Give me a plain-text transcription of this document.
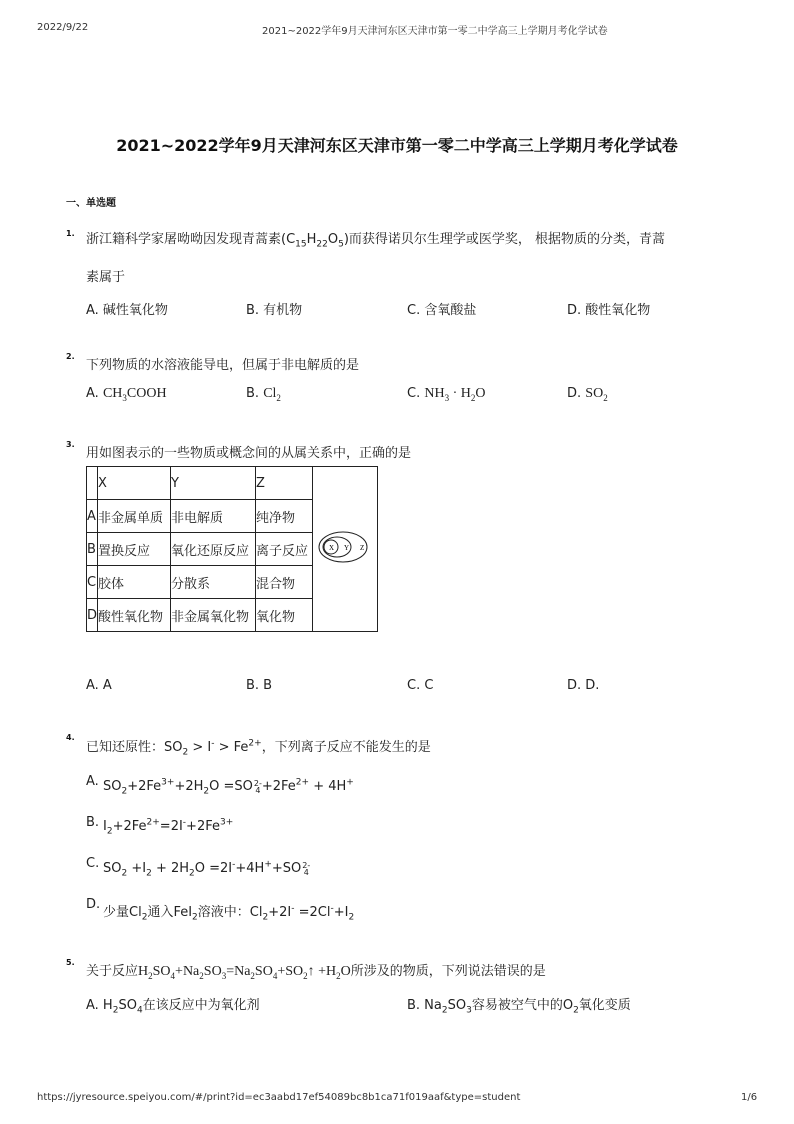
2022/9/22	2021~2022学年9月天津河东区天津市第一零二中学高三上学期月考化学试卷
2021~2022学年9月天津河东区天津市第一零二中学高三上学期月考化学试卷
一、单选题
1. 浙江籍科学家屠呦呦因发现青蒿素$(C_{15}H_{22}O_5)$而获得诺贝尔生理学或医学奖， 根据物质的分类，青蒿
素属于
A. 碱性氧化物	B. 有机物	C. 含氧酸盐	D. 酸性氧化物
2.
下列物质的水溶液能导电，但属于非电解质的是
A. $CH_3COOH$	B. $Cl_2$	C. $NH_3 \cdot H_2O$	D. $SO_2$
3.
用如图表示的一些物质或概念间的从属关系中，正确的是
	X	Y	Z	X Y Z

A	非金属单质	非电解质	纯净物	
B	置换反应	氧化还原反应	离子反应	
C	胶体	分散系	混合物	
D	酸性氧化物	非金属氧化物	氧化物	
A. A	B. B	C. C	D. D.
4.
已知还原性：$SO_2 > I^- > Fe^{2+}$，下列离子反应不能发生的是
A. $SO_2+2Fe^{3+}+2H_2O =SO$ 2-
$4 +2Fe^{2+} + 4H^+$
B. $I_2+2Fe^{2+}=2I^-+2Fe^{3+}$
C. $SO_2 +I_2 + 2H_2O =2I^-+4H^++SO$ 2-
4
D.
少量$Cl_2$通入FeI$_2$溶液中：$Cl_2+2I^- =2Cl^-+I_2$
5.
关于反应$H_2SO_4+Na_2SO_3=Na_2SO_4+SO_2↑ +H_2O$所涉及的物质，下列说法错误的是
A. $H_2SO_4$在该反应中为氧化剂	B. $Na_2SO_3$容易被空气中的$O_2$氧化变质
https://jyresource.speiyou.com/#/print?id=ec3aabd17ef54089bc8b1ca71f019aaf&type=student	1/6
